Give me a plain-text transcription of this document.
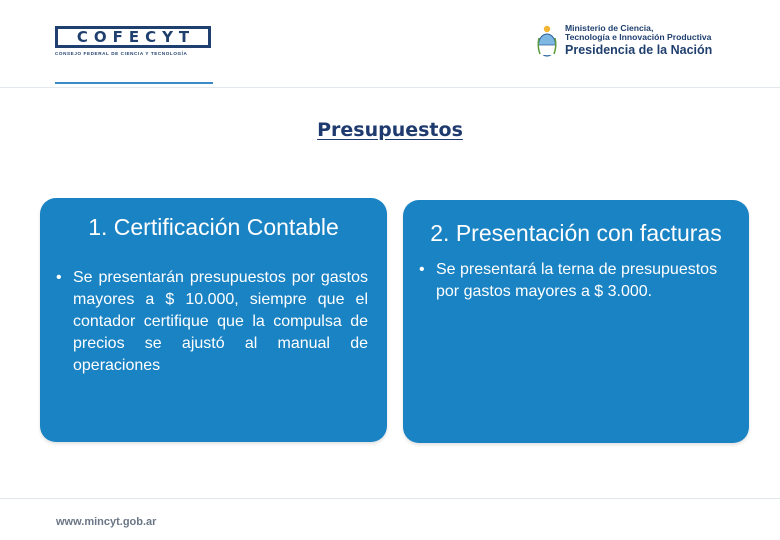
COFECYT
CONSEJO FEDERAL DE CIENCIA Y TECNOLOGÍA
Ministerio de Ciencia,
Tecnología e Innovación Productiva
Presidencia de la Nación
Presupuestos
1. Certificación Contable
• Se presentarán presupuestos por gastos mayores a $ 10.000, siempre que el contador certifique que la compulsa de precios se ajustó al manual de operaciones
2. Presentación con facturas
• Se presentará la terna de presupuestos por gastos mayores a $ 3.000.
www.mincyt.gob.ar
